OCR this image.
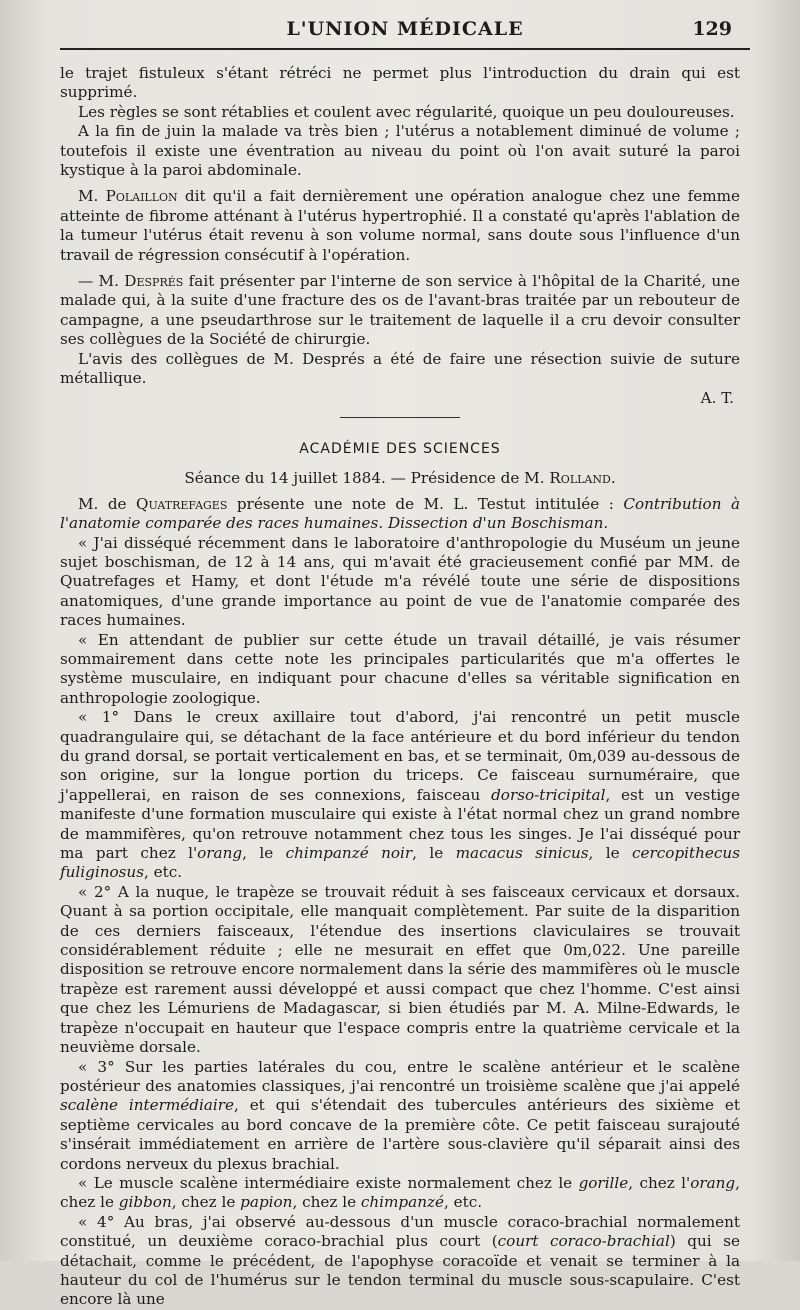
L'UNION MÉDICALE	129

le trajet fistuleux s'étant rétréci ne permet plus l'introduction du drain qui est supprimé.

Les règles se sont rétablies et coulent avec régularité, quoique un peu douloureuses.

A la fin de juin la malade va très bien ; l'utérus a notablement diminué de volume ; toutefois il existe une éventration au niveau du point où l'on avait suturé la paroi kystique à la paroi abdominale.

M. Polaillon dit qu'il a fait dernièrement une opération analogue chez une femme atteinte de fibrome atténant à l'utérus hypertrophié. Il a constaté qu'après l'ablation de la tumeur l'utérus était revenu à son volume normal, sans doute sous l'influence d'un travail de régression consécutif à l'opération.

— M. Després fait présenter par l'interne de son service à l'hôpital de la Charité, une malade qui, à la suite d'une fracture des os de l'avant-bras traitée par un rebouteur de campagne, a une pseudarthrose sur le traitement de laquelle il a cru devoir consulter ses collègues de la Société de chirurgie.

L'avis des collègues de M. Després a été de faire une résection suivie de suture métallique.

A. T.

ACADÉMIE DES SCIENCES

Séance du 14 juillet 1884. — Présidence de M. Rolland.

M. de Quatrefages présente une note de M. L. Testut intitulée : Contribution à l'anatomie comparée des races humaines. Dissection d'un Boschisman.

« J'ai disséqué récemment dans le laboratoire d'anthropologie du Muséum un jeune sujet boschisman, de 12 à 14 ans, qui m'avait été gracieusement confié par MM. de Quatrefages et Hamy, et dont l'étude m'a révélé toute une série de dispositions anatomiques, d'une grande importance au point de vue de l'anatomie comparée des races humaines.

« En attendant de publier sur cette étude un travail détaillé, je vais résumer sommairement dans cette note les principales particularités que m'a offertes le système musculaire, en indiquant pour chacune d'elles sa véritable signification en anthropologie zoologique.

« 1° Dans le creux axillaire tout d'abord, j'ai rencontré un petit muscle quadrangulaire qui, se détachant de la face antérieure et du bord inférieur du tendon du grand dorsal, se portait verticalement en bas, et se terminait, 0m,039 au-dessous de son origine, sur la longue portion du triceps. Ce faisceau surnuméraire, que j'appellerai, en raison de ses connexions, faisceau dorso-tricipital, est un vestige manifeste d'une formation musculaire qui existe à l'état normal chez un grand nombre de mammifères, qu'on retrouve notamment chez tous les singes. Je l'ai disséqué pour ma part chez l'orang, le chimpanzé noir, le macacus sinicus, le cercopithecus fuliginosus, etc.

« 2° A la nuque, le trapèze se trouvait réduit à ses faisceaux cervicaux et dorsaux. Quant à sa portion occipitale, elle manquait complètement. Par suite de la disparition de ces derniers faisceaux, l'étendue des insertions claviculaires se trouvait considérablement réduite ; elle ne mesurait en effet que 0m,022. Une pareille disposition se retrouve encore normalement dans la série des mammifères où le muscle trapèze est rarement aussi développé et aussi compact que chez l'homme. C'est ainsi que chez les Lémuriens de Madagascar, si bien étudiés par M. A. Milne-Edwards, le trapèze n'occupait en hauteur que l'espace compris entre la quatrième cervicale et la neuvième dorsale.

« 3° Sur les parties latérales du cou, entre le scalène antérieur et le scalène postérieur des anatomies classiques, j'ai rencontré un troisième scalène que j'ai appelé scalène intermédiaire, et qui s'étendait des tubercules antérieurs des sixième et septième cervicales au bord concave de la première côte. Ce petit faisceau surajouté s'insérait immédiatement en arrière de l'artère sous-clavière qu'il séparait ainsi des cordons nerveux du plexus brachial.

« Le muscle scalène intermédiaire existe normalement chez le gorille, chez l'orang, chez le gibbon, chez le papion, chez le chimpanzé, etc.

« 4° Au bras, j'ai observé au-dessous d'un muscle coraco-brachial normalement constitué, un deuxième coraco-brachial plus court (court coraco-brachial) qui se détachait, comme le précédent, de l'apophyse coracoïde et venait se terminer à la hauteur du col de l'humérus sur le tendon terminal du muscle sous-scapulaire. C'est encore là une
